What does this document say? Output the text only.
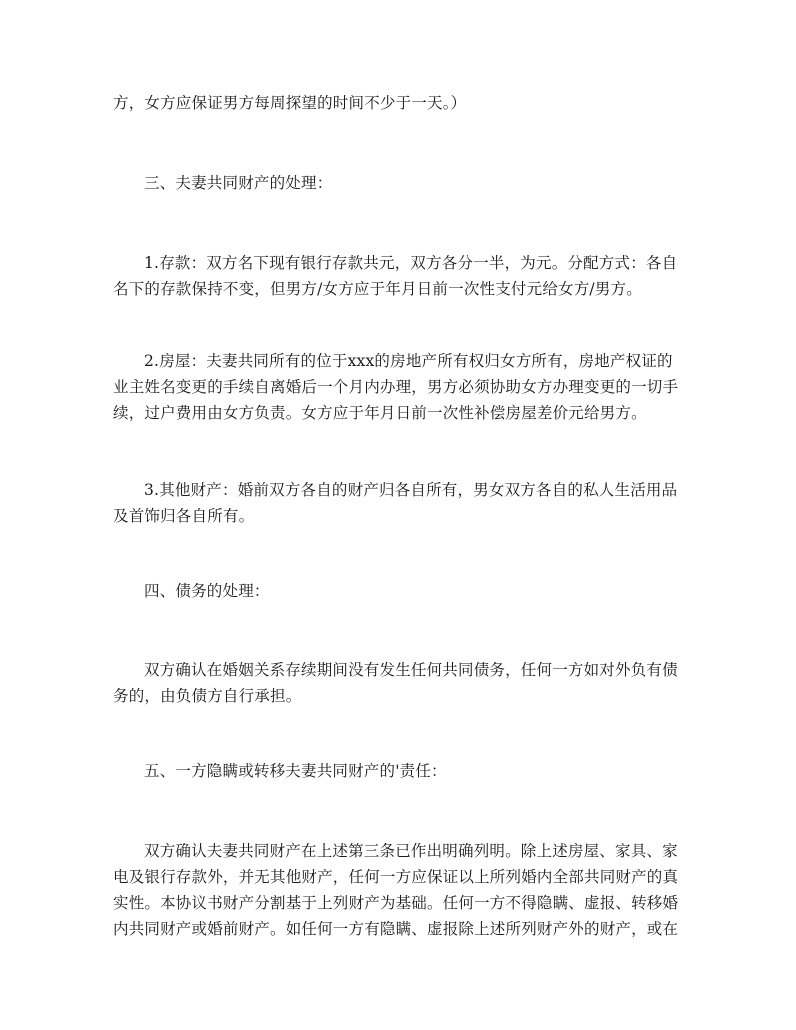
方，女方应保证男方每周探望的时间不少于一天。）
三、夫妻共同财产的处理：
1.存款：双方名下现有银行存款共元，双方各分一半，为元。分配方式：各自
名下的存款保持不变，但男方/女方应于年月日前一次性支付元给女方/男方。
2.房屋：夫妻共同所有的位于xxx的房地产所有权归女方所有，房地产权证的
业主姓名变更的手续自离婚后一个月内办理，男方必须协助女方办理变更的一切手
续，过户费用由女方负责。女方应于年月日前一次性补偿房屋差价元给男方。
3.其他财产：婚前双方各自的财产归各自所有，男女双方各自的私人生活用品
及首饰归各自所有。
四、债务的处理：
双方确认在婚姻关系存续期间没有发生任何共同债务，任何一方如对外负有债
务的，由负债方自行承担。
五、一方隐瞒或转移夫妻共同财产的'责任：
双方确认夫妻共同财产在上述第三条已作出明确列明。除上述房屋、家具、家
电及银行存款外，并无其他财产，任何一方应保证以上所列婚内全部共同财产的真
实性。本协议书财产分割基于上列财产为基础。任何一方不得隐瞒、虚报、转移婚
内共同财产或婚前财产。如任何一方有隐瞒、虚报除上述所列财产外的财产，或在
